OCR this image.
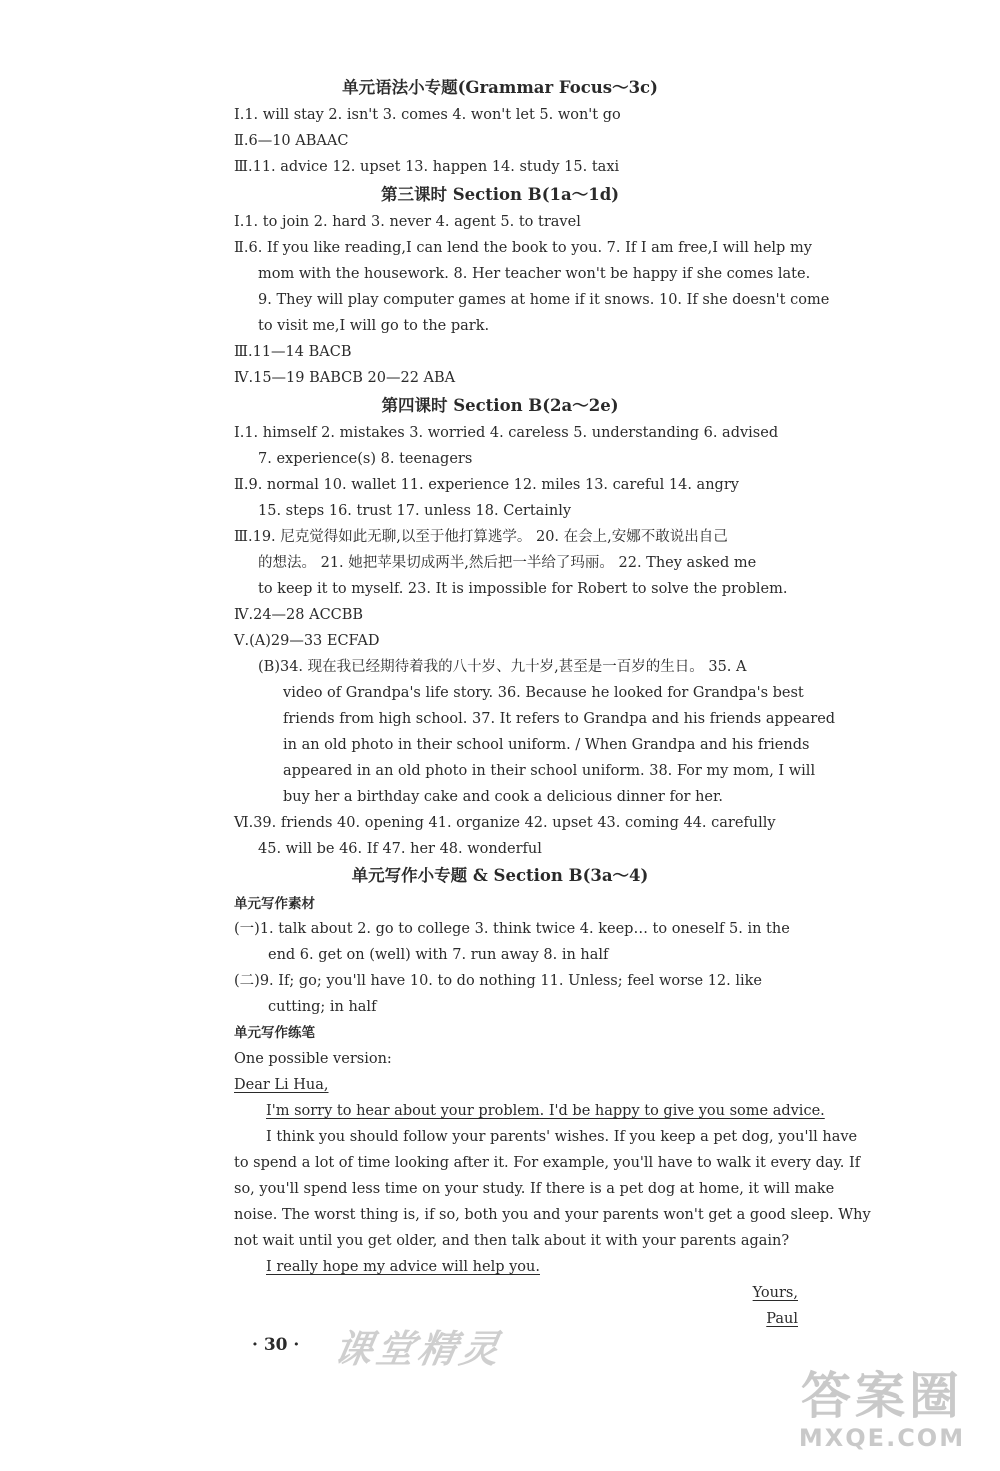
单元语法小专题(Grammar Focus～3c)
Ⅰ.1. will stay 2. isn't 3. comes 4. won't let 5. won't go
Ⅱ.6—10 ABAAC
Ⅲ.11. advice 12. upset 13. happen 14. study 15. taxi
第三课时 Section B(1a～1d)
Ⅰ.1. to join 2. hard 3. never 4. agent 5. to travel
Ⅱ.6. If you like reading,I can lend the book to you. 7. If I am free,I will help my
mom with the housework. 8. Her teacher won't be happy if she comes late.
9. They will play computer games at home if it snows. 10. If she doesn't come
to visit me,I will go to the park.
Ⅲ.11—14 BACB
Ⅳ.15—19 BABCB 20—22 ABA
第四课时 Section B(2a～2e)
Ⅰ.1. himself 2. mistakes 3. worried 4. careless 5. understanding 6. advised
7. experience(s) 8. teenagers
Ⅱ.9. normal 10. wallet 11. experience 12. miles 13. careful 14. angry
15. steps 16. trust 17. unless 18. Certainly
Ⅲ.19. 尼克觉得如此无聊,以至于他打算逃学。 20. 在会上,安娜不敢说出自己
的想法。 21. 她把苹果切成两半,然后把一半给了玛丽。 22. They asked me
to keep it to myself. 23. It is impossible for Robert to solve the problem.
Ⅳ.24—28 ACCBB
Ⅴ.(A)29—33 ECFAD
(B)34. 现在我已经期待着我的八十岁、九十岁,甚至是一百岁的生日。 35. A
video of Grandpa's life story. 36. Because he looked for Grandpa's best
friends from high school. 37. It refers to Grandpa and his friends appeared
in an old photo in their school uniform. / When Grandpa and his friends
appeared in an old photo in their school uniform. 38. For my mom, I will
buy her a birthday cake and cook a delicious dinner for her.
Ⅵ.39. friends 40. opening 41. organize 42. upset 43. coming 44. carefully
45. will be 46. If 47. her 48. wonderful
单元写作小专题 & Section B(3a～4)
单元写作素材
(一)1. talk about 2. go to college 3. think twice 4. keep… to oneself 5. in the
end 6. get on (well) with 7. run away 8. in half
(二)9. If; go; you'll have 10. to do nothing 11. Unless; feel worse 12. like
cutting; in half
单元写作练笔
One possible version:
Dear Li Hua,
I'm sorry to hear about your problem. I'd be happy to give you some advice.
I think you should follow your parents' wishes. If you keep a pet dog, you'll have
to spend a lot of time looking after it. For example, you'll have to walk it every day. If
so, you'll spend less time on your study. If there is a pet dog at home, it will make
noise. The worst thing is, if so, both you and your parents won't get a good sleep. Why
not wait until you get older, and then talk about it with your parents again?
I really hope my advice will help you.
Yours,
Paul
· 30 · 课堂精灵
答案圈
MXQE.COM
